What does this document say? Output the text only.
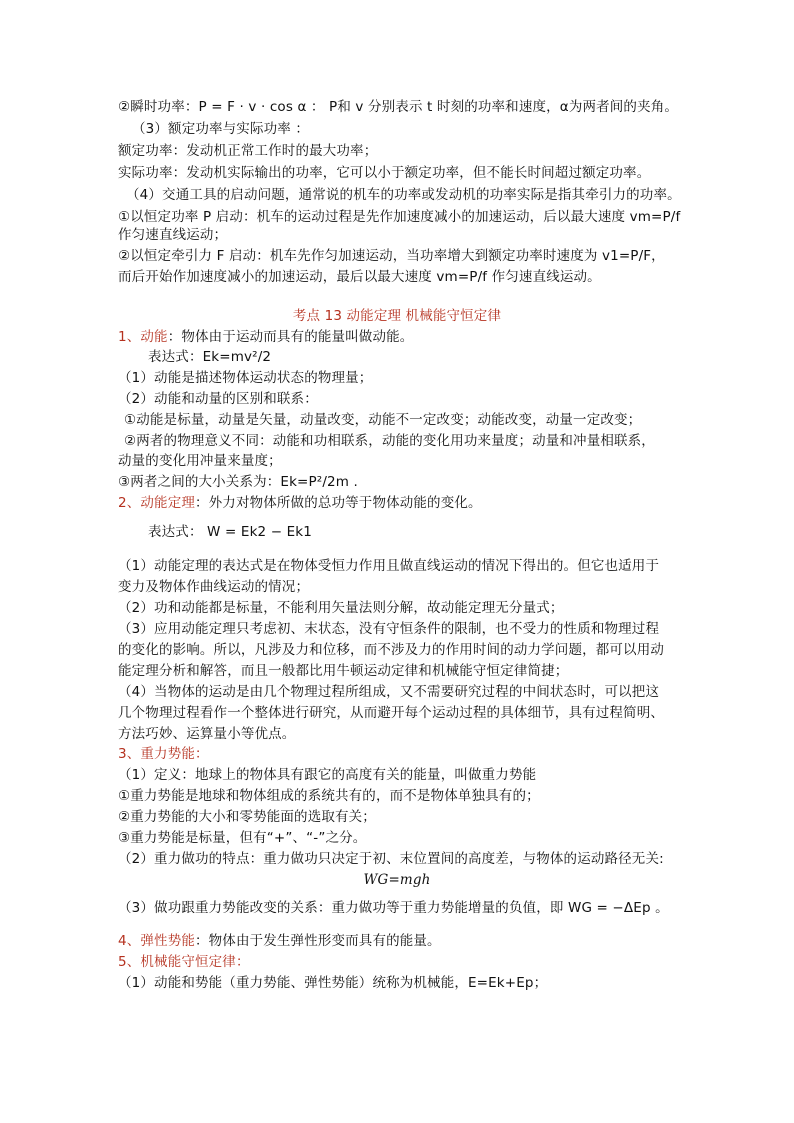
②瞬时功率：P = F · v · cos α ： P和 v 分别表示 t 时刻的功率和速度，α为两者间的夹角。
（3）额定功率与实际功率 ：
额定功率：发动机正常工作时的最大功率；
实际功率：发动机实际输出的功率，它可以小于额定功率，但不能长时间超过额定功率。
（4）交通工具的启动问题，通常说的机车的功率或发动机的功率实际是指其牵引力的功率。
①以恒定功率 P 启动：机车的运动过程是先作加速度减小的加速运动，后以最大速度 vm=P/f
作匀速直线运动；
②以恒定牵引力 F 启动：机车先作匀加速运动，当功率增大到额定功率时速度为 v1=P/F，
而后开始作加速度减小的加速运动，最后以最大速度 vm=P/f 作匀速直线运动。
考点 13 动能定理 机械能守恒定律
1、动能：物体由于运动而具有的能量叫做动能。
表达式：Ek=mv²/2
（1）动能是描述物体运动状态的物理量；
（2）动能和动量的区别和联系：
①动能是标量，动量是矢量，动量改变，动能不一定改变；动能改变，动量一定改变；
②两者的物理意义不同：动能和功相联系，动能的变化用功来量度；动量和冲量相联系，
动量的变化用冲量来量度；
③两者之间的大小关系为：Ek=P²/2m .
2、动能定理：外力对物体所做的总功等于物体动能的变化。
表达式： W = Ek2 − Ek1
（1）动能定理的表达式是在物体受恒力作用且做直线运动的情况下得出的。但它也适用于
变力及物体作曲线运动的情况；
（2）功和动能都是标量，不能利用矢量法则分解，故动能定理无分量式；
（3）应用动能定理只考虑初、末状态，没有守恒条件的限制，也不受力的性质和物理过程
的变化的影响。所以，凡涉及力和位移，而不涉及力的作用时间的动力学问题，都可以用动
能定理分析和解答，而且一般都比用牛顿运动定律和机械能守恒定律简捷；
（4）当物体的运动是由几个物理过程所组成，又不需要研究过程的中间状态时，可以把这
几个物理过程看作一个整体进行研究，从而避开每个运动过程的具体细节，具有过程简明、
方法巧妙、运算量小等优点。
3、重力势能：
（1）定义：地球上的物体具有跟它的高度有关的能量，叫做重力势能
①重力势能是地球和物体组成的系统共有的，而不是物体单独具有的；
②重力势能的大小和零势能面的选取有关；
③重力势能是标量，但有“+”、“-”之分。
（2）重力做功的特点：重力做功只决定于初、末位置间的高度差，与物体的运动路径无关:
WG=mgh
（3）做功跟重力势能改变的关系：重力做功等于重力势能增量的负值，即 WG = −ΔEp 。
4、弹性势能：物体由于发生弹性形变而具有的能量。
5、机械能守恒定律：
（1）动能和势能（重力势能、弹性势能）统称为机械能，E=Ek+Ep；
